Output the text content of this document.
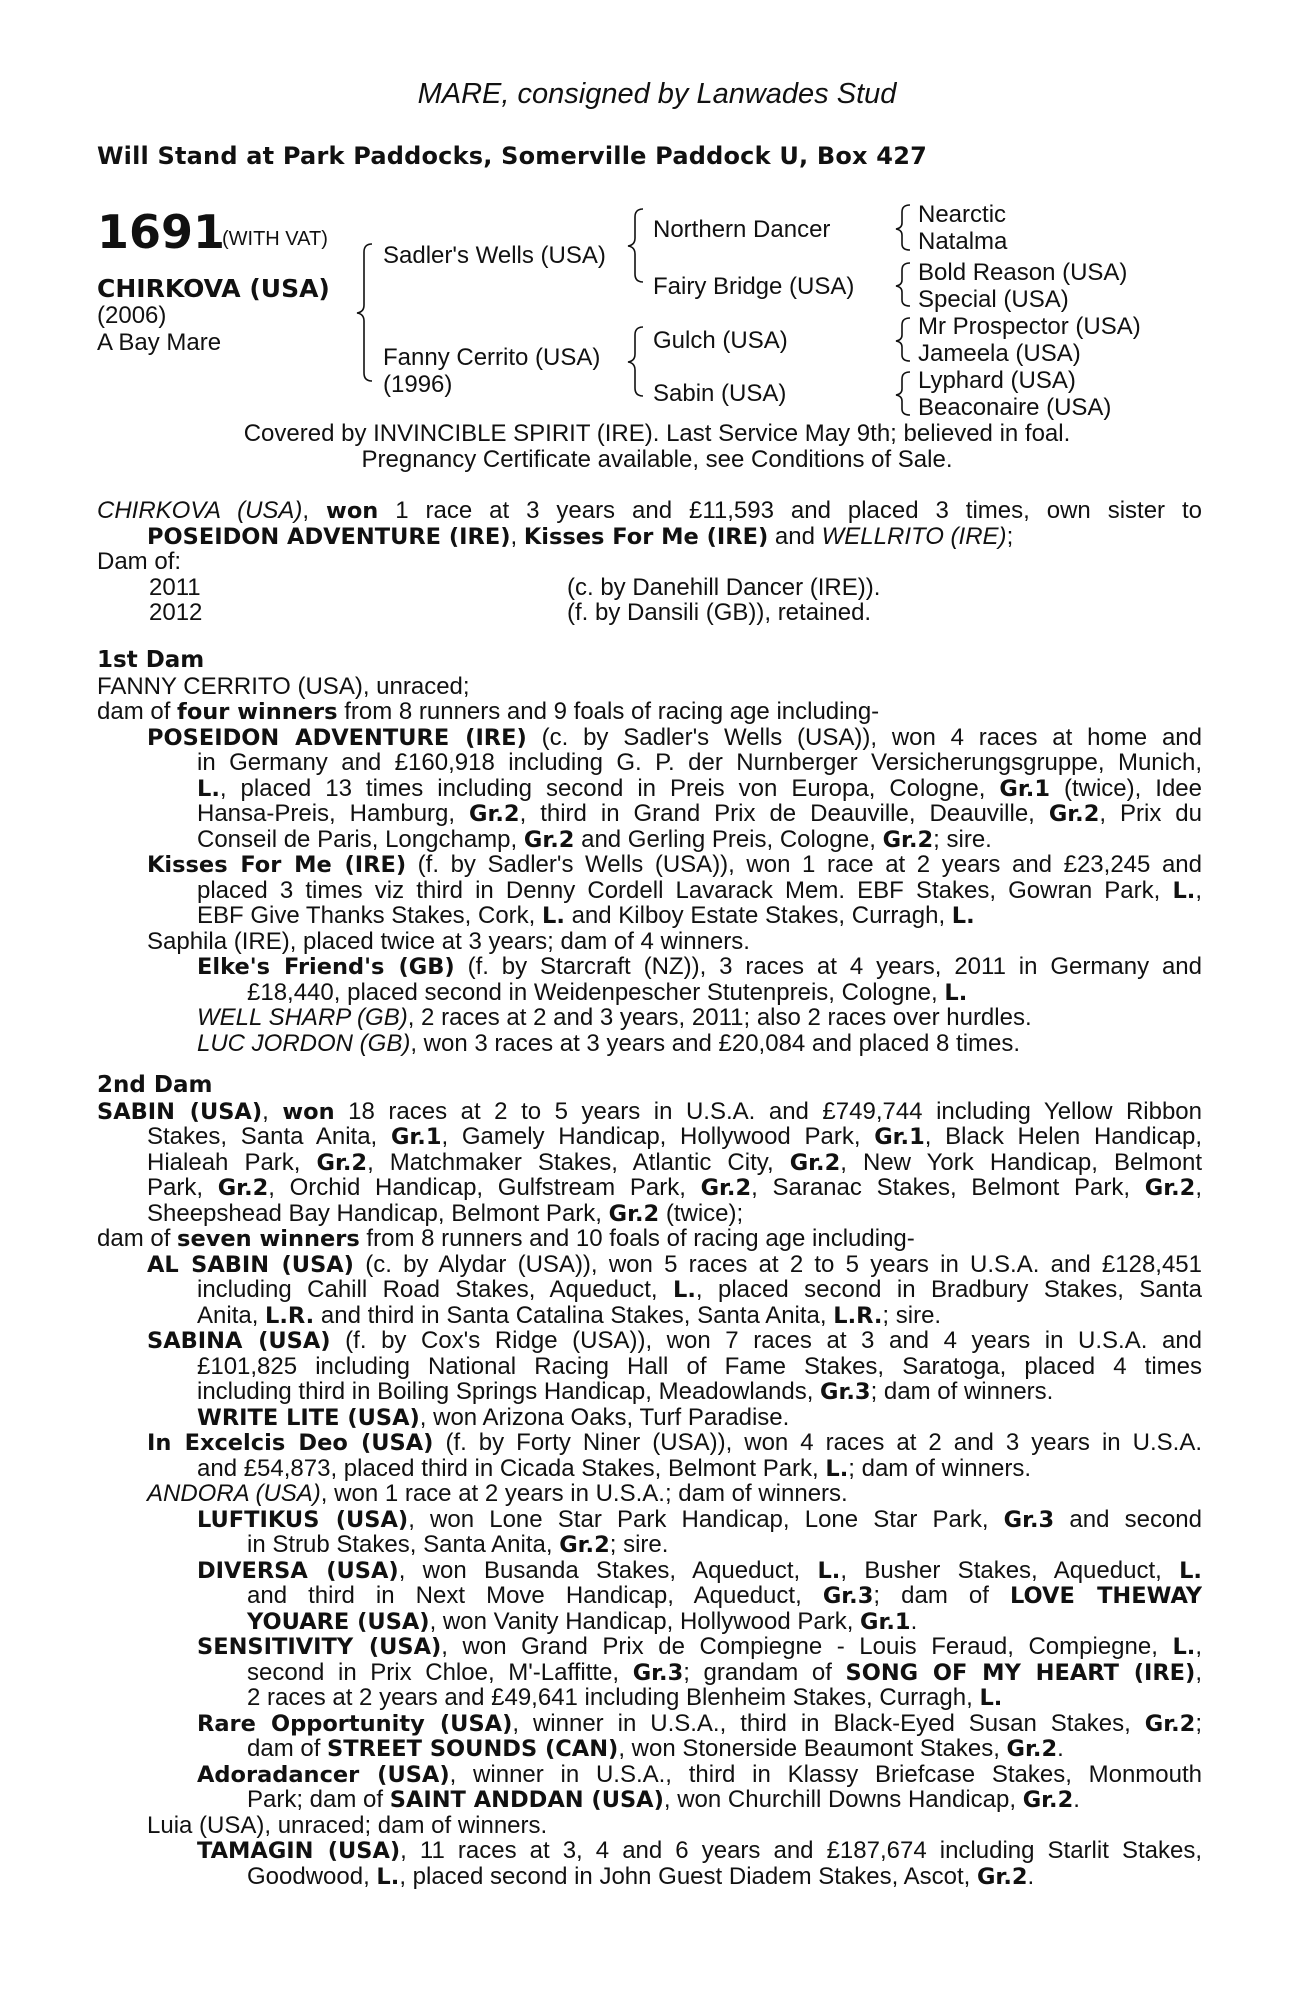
MARE, consigned by Lanwades Stud
Will Stand at Park Paddocks, Somerville Paddock U, Box 427
1691
(WITH VAT)
CHIRKOVA (USA)
(2006)
A Bay Mare
Sadler's Wells (USA)
Fanny Cerrito (USA)
(1996)
Northern Dancer
Fairy Bridge (USA)
Gulch (USA)
Sabin (USA)
Nearctic
Natalma
Bold Reason (USA)
Special (USA)
Mr Prospector (USA)
Jameela (USA)
Lyphard (USA)
Beaconaire (USA)
Covered by INVINCIBLE SPIRIT (IRE). Last Service May 9th; believed in foal.
Pregnancy Certificate available, see Conditions of Sale.
CHIRKOVA (USA), won 1 race at 3 years and £11,593 and placed 3 times, own sister to
POSEIDON ADVENTURE (IRE), Kisses For Me (IRE) and WELLRITO (IRE);
Dam of:
2011	(c. by Danehill Dancer (IRE)).
2012	(f. by Dansili (GB)), retained.
1st Dam
FANNY CERRITO (USA), unraced;
dam of four winners from 8 runners and 9 foals of racing age including-
POSEIDON ADVENTURE (IRE) (c. by Sadler's Wells (USA)), won 4 races at home and
in Germany and £160,918 including G. P. der Nurnberger Versicherungsgruppe, Munich,
L., placed 13 times including second in Preis von Europa, Cologne, Gr.1 (twice), Idee
Hansa-Preis, Hamburg, Gr.2, third in Grand Prix de Deauville, Deauville, Gr.2, Prix du
Conseil de Paris, Longchamp, Gr.2 and Gerling Preis, Cologne, Gr.2; sire.
Kisses For Me (IRE) (f. by Sadler's Wells (USA)), won 1 race at 2 years and £23,245 and
placed 3 times viz third in Denny Cordell Lavarack Mem. EBF Stakes, Gowran Park, L.,
EBF Give Thanks Stakes, Cork, L. and Kilboy Estate Stakes, Curragh, L.
Saphila (IRE), placed twice at 3 years; dam of 4 winners.
Elke's Friend's (GB) (f. by Starcraft (NZ)), 3 races at 4 years, 2011 in Germany and
£18,440, placed second in Weidenpescher Stutenpreis, Cologne, L.
WELL SHARP (GB), 2 races at 2 and 3 years, 2011; also 2 races over hurdles.
LUC JORDON (GB), won 3 races at 3 years and £20,084 and placed 8 times.
2nd Dam
SABIN (USA), won 18 races at 2 to 5 years in U.S.A. and £749,744 including Yellow Ribbon
Stakes, Santa Anita, Gr.1, Gamely Handicap, Hollywood Park, Gr.1, Black Helen Handicap,
Hialeah Park, Gr.2, Matchmaker Stakes, Atlantic City, Gr.2, New York Handicap, Belmont
Park, Gr.2, Orchid Handicap, Gulfstream Park, Gr.2, Saranac Stakes, Belmont Park, Gr.2,
Sheepshead Bay Handicap, Belmont Park, Gr.2 (twice);
dam of seven winners from 8 runners and 10 foals of racing age including-
AL SABIN (USA) (c. by Alydar (USA)), won 5 races at 2 to 5 years in U.S.A. and £128,451
including Cahill Road Stakes, Aqueduct, L., placed second in Bradbury Stakes, Santa
Anita, L.R. and third in Santa Catalina Stakes, Santa Anita, L.R.; sire.
SABINA (USA) (f. by Cox's Ridge (USA)), won 7 races at 3 and 4 years in U.S.A. and
£101,825 including National Racing Hall of Fame Stakes, Saratoga, placed 4 times
including third in Boiling Springs Handicap, Meadowlands, Gr.3; dam of winners.
WRITE LITE (USA), won Arizona Oaks, Turf Paradise.
In Excelcis Deo (USA) (f. by Forty Niner (USA)), won 4 races at 2 and 3 years in U.S.A.
and £54,873, placed third in Cicada Stakes, Belmont Park, L.; dam of winners.
ANDORA (USA), won 1 race at 2 years in U.S.A.; dam of winners.
LUFTIKUS (USA), won Lone Star Park Handicap, Lone Star Park, Gr.3 and second
in Strub Stakes, Santa Anita, Gr.2; sire.
DIVERSA (USA), won Busanda Stakes, Aqueduct, L., Busher Stakes, Aqueduct, L.
and third in Next Move Handicap, Aqueduct, Gr.3; dam of LOVE THEWAY
YOUARE (USA), won Vanity Handicap, Hollywood Park, Gr.1.
SENSITIVITY (USA), won Grand Prix de Compiegne - Louis Feraud, Compiegne, L.,
second in Prix Chloe, M'-Laffitte, Gr.3; grandam of SONG OF MY HEART (IRE),
2 races at 2 years and £49,641 including Blenheim Stakes, Curragh, L.
Rare Opportunity (USA), winner in U.S.A., third in Black-Eyed Susan Stakes, Gr.2;
dam of STREET SOUNDS (CAN), won Stonerside Beaumont Stakes, Gr.2.
Adoradancer (USA), winner in U.S.A., third in Klassy Briefcase Stakes, Monmouth
Park; dam of SAINT ANDDAN (USA), won Churchill Downs Handicap, Gr.2.
Luia (USA), unraced; dam of winners.
TAMAGIN (USA), 11 races at 3, 4 and 6 years and £187,674 including Starlit Stakes,
Goodwood, L., placed second in John Guest Diadem Stakes, Ascot, Gr.2.
